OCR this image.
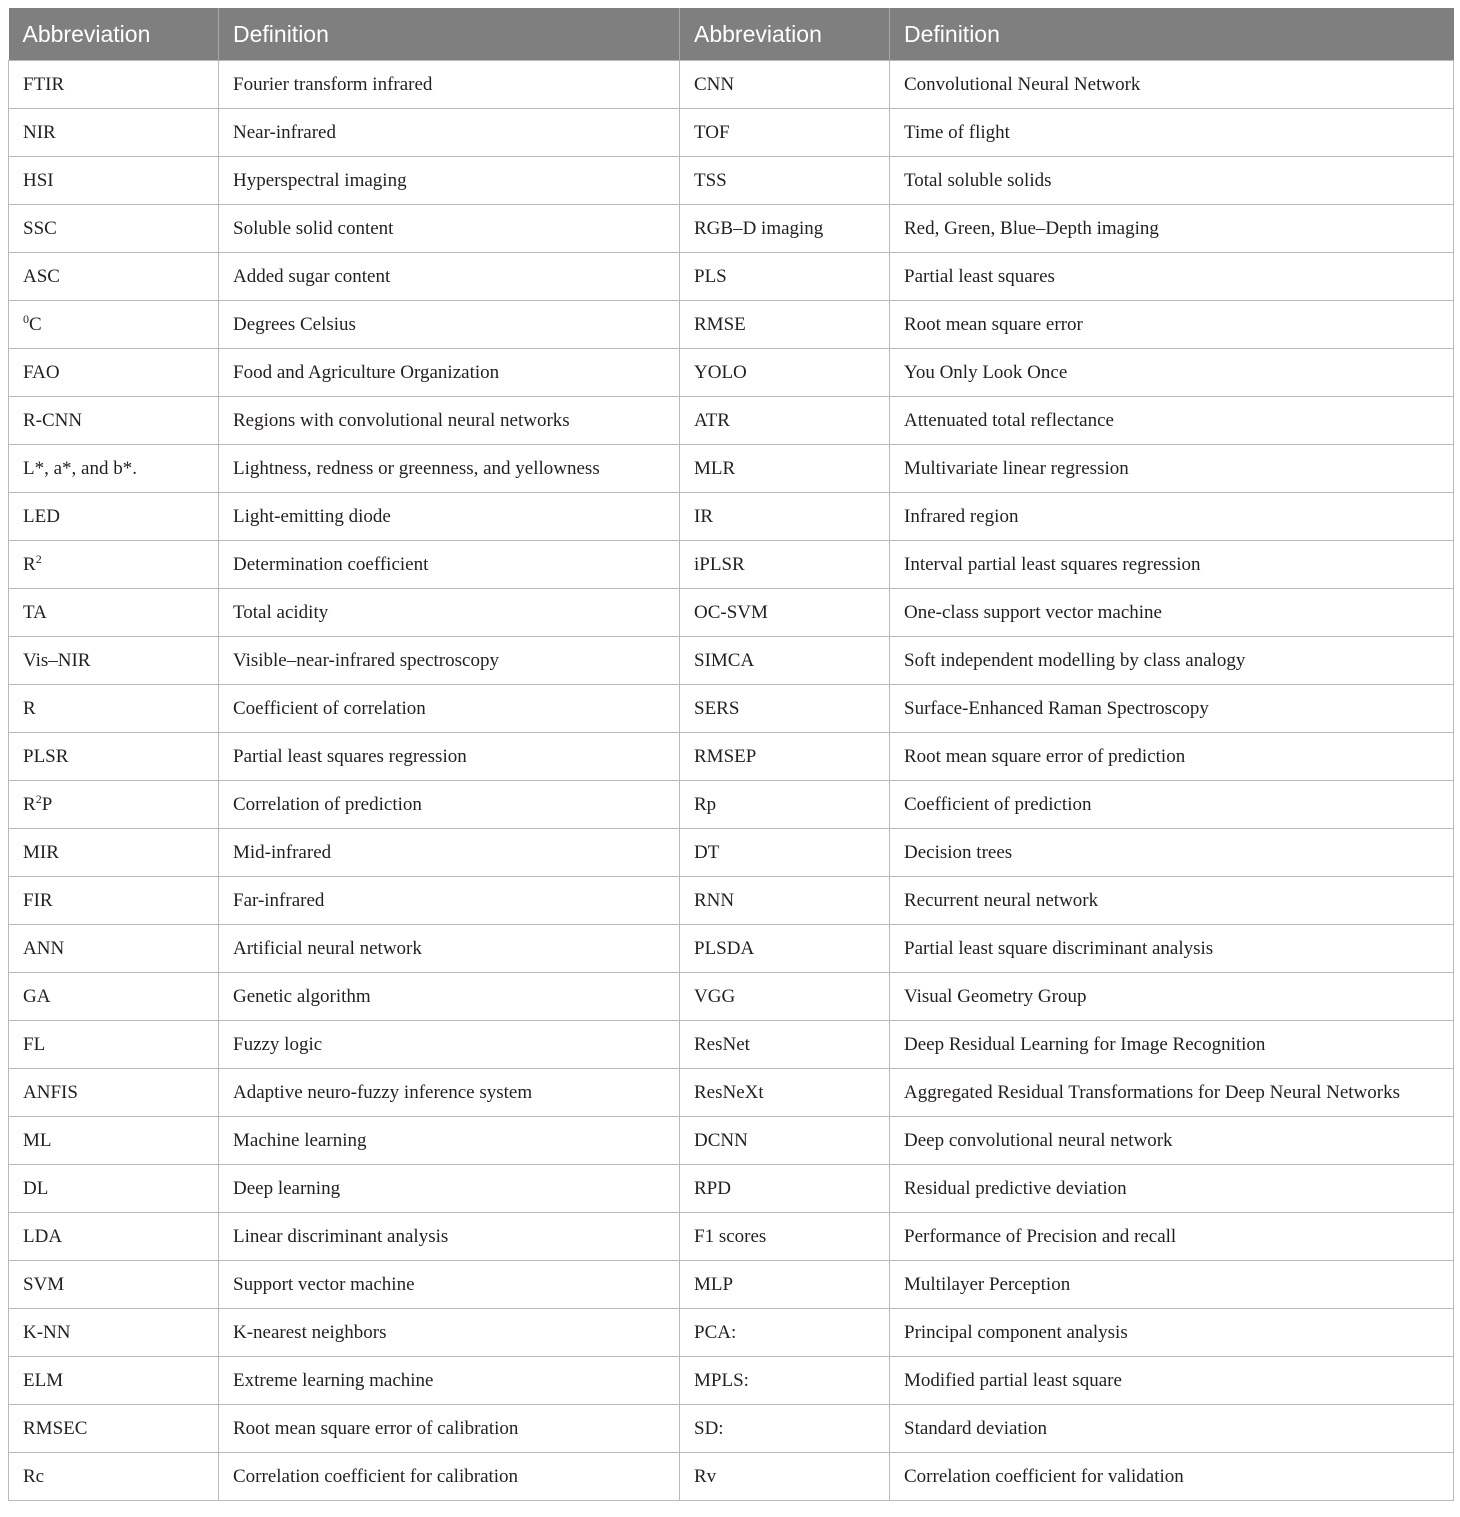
Abbreviation	Definition	Abbreviation	Definition
FTIR	Fourier transform infrared	CNN	Convolutional Neural Network
NIR	Near-infrared	TOF	Time of flight
HSI	Hyperspectral imaging	TSS	Total soluble solids
SSC	Soluble solid content	RGB–D imaging	Red, Green, Blue–Depth imaging
ASC	Added sugar content	PLS	Partial least squares
$^0$C	Degrees Celsius	RMSE	Root mean square error
FAO	Food and Agriculture Organization	YOLO	You Only Look Once
R-CNN	Regions with convolutional neural networks	ATR	Attenuated total reflectance
L*, a*, and b*.	Lightness, redness or greenness, and yellowness	MLR	Multivariate linear regression
LED	Light-emitting diode	IR	Infrared region
$R^2$	Determination coefficient	iPLSR	Interval partial least squares regression
TA	Total acidity	OC-SVM	One-class support vector machine
Vis–NIR	Visible–near-infrared spectroscopy	SIMCA	Soft independent modelling by class analogy
R	Coefficient of correlation	SERS	Surface-Enhanced Raman Spectroscopy
PLSR	Partial least squares regression	RMSEP	Root mean square error of prediction
$R^2P$	Correlation of prediction	Rp	Coefficient of prediction
MIR	Mid-infrared	DT	Decision trees
FIR	Far-infrared	RNN	Recurrent neural network
ANN	Artificial neural network	PLSDA	Partial least square discriminant analysis
GA	Genetic algorithm	VGG	Visual Geometry Group
FL	Fuzzy logic	ResNet	Deep Residual Learning for Image Recognition
ANFIS	Adaptive neuro-fuzzy inference system	ResNeXt	Aggregated Residual Transformations for Deep Neural Networks
ML	Machine learning	DCNN	Deep convolutional neural network
DL	Deep learning	RPD	Residual predictive deviation
LDA	Linear discriminant analysis	F1 scores	Performance of Precision and recall
SVM	Support vector machine	MLP	Multilayer Perception
K-NN	K-nearest neighbors	PCA:	Principal component analysis
ELM	Extreme learning machine	MPLS:	Modified partial least square
RMSEC	Root mean square error of calibration	SD:	Standard deviation
Rc	Correlation coefficient for calibration	Rv	Correlation coefficient for validation
